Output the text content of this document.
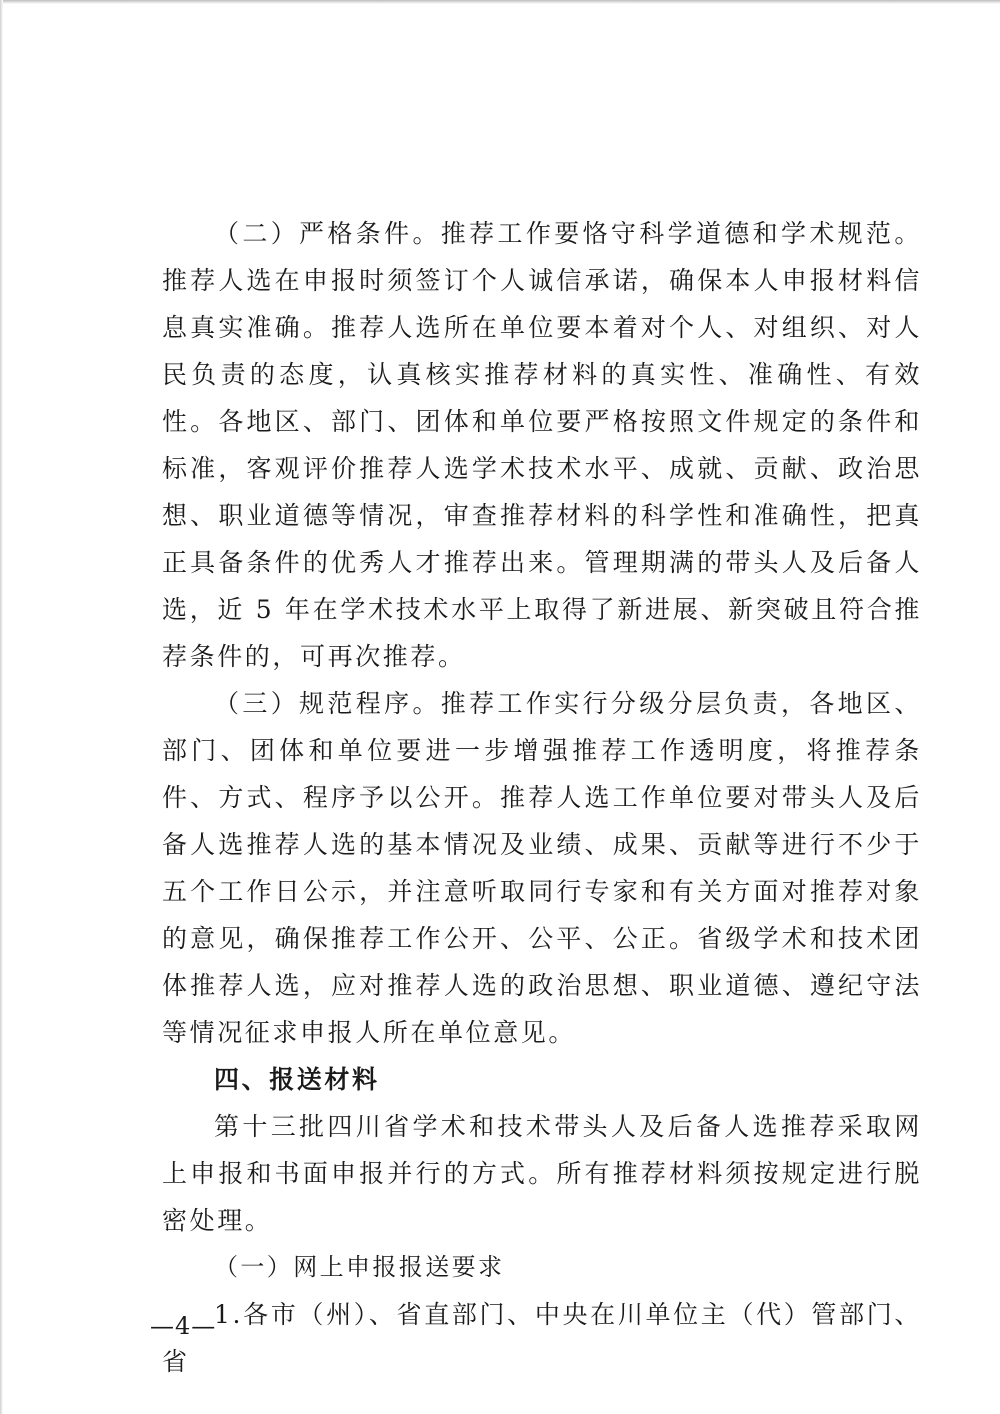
（二）严格条件。推荐工作要恪守科学道德和学术规范。推荐人选在申报时须签订个人诚信承诺，确保本人申报材料信息真实准确。推荐人选所在单位要本着对个人、对组织、对人民负责的态度，认真核实推荐材料的真实性、准确性、有效性。各地区、部门、团体和单位要严格按照文件规定的条件和标准，客观评价推荐人选学术技术水平、成就、贡献、政治思想、职业道德等情况，审查推荐材料的科学性和准确性，把真正具备条件的优秀人才推荐出来。管理期满的带头人及后备人选，近 5 年在学术技术水平上取得了新进展、新突破且符合推荐条件的，可再次推荐。

（三）规范程序。推荐工作实行分级分层负责，各地区、部门、团体和单位要进一步增强推荐工作透明度，将推荐条件、方式、程序予以公开。推荐人选工作单位要对带头人及后备人选推荐人选的基本情况及业绩、成果、贡献等进行不少于五个工作日公示，并注意听取同行专家和有关方面对推荐对象的意见，确保推荐工作公开、公平、公正。省级学术和技术团体推荐人选，应对推荐人选的政治思想、职业道德、遵纪守法等情况征求申报人所在单位意见。

四、报送材料

第十三批四川省学术和技术带头人及后备人选推荐采取网上申报和书面申报并行的方式。所有推荐材料须按规定进行脱密处理。

（一）网上申报报送要求

1.各市（州）、省直部门、中央在川单位主（代）管部门、省

—4—
